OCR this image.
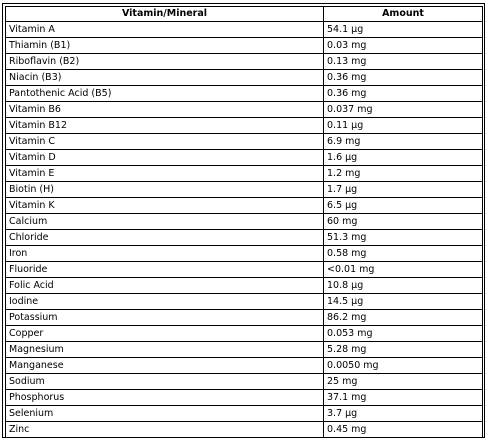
Vitamin/Mineral	Amount
Vitamin A	54.1 µg
Thiamin (B1)	0.03 mg
Riboflavin (B2)	0.13 mg
Niacin (B3)	0.36 mg
Pantothenic Acid (B5)	0.36 mg
Vitamin B6	0.037 mg
Vitamin B12	0.11 µg
Vitamin C	6.9 mg
Vitamin D	1.6 µg
Vitamin E	1.2 mg
Biotin (H)	1.7 µg
Vitamin K	6.5 µg
Calcium	60 mg
Chloride	51.3 mg
Iron	0.58 mg
Fluoride	<0.01 mg
Folic Acid	10.8 µg
Iodine	14.5 µg
Potassium	86.2 mg
Copper	0.053 mg
Magnesium	5.28 mg
Manganese	0.0050 mg
Sodium	25 mg
Phosphorus	37.1 mg
Selenium	3.7 µg
Zinc	0.45 mg
